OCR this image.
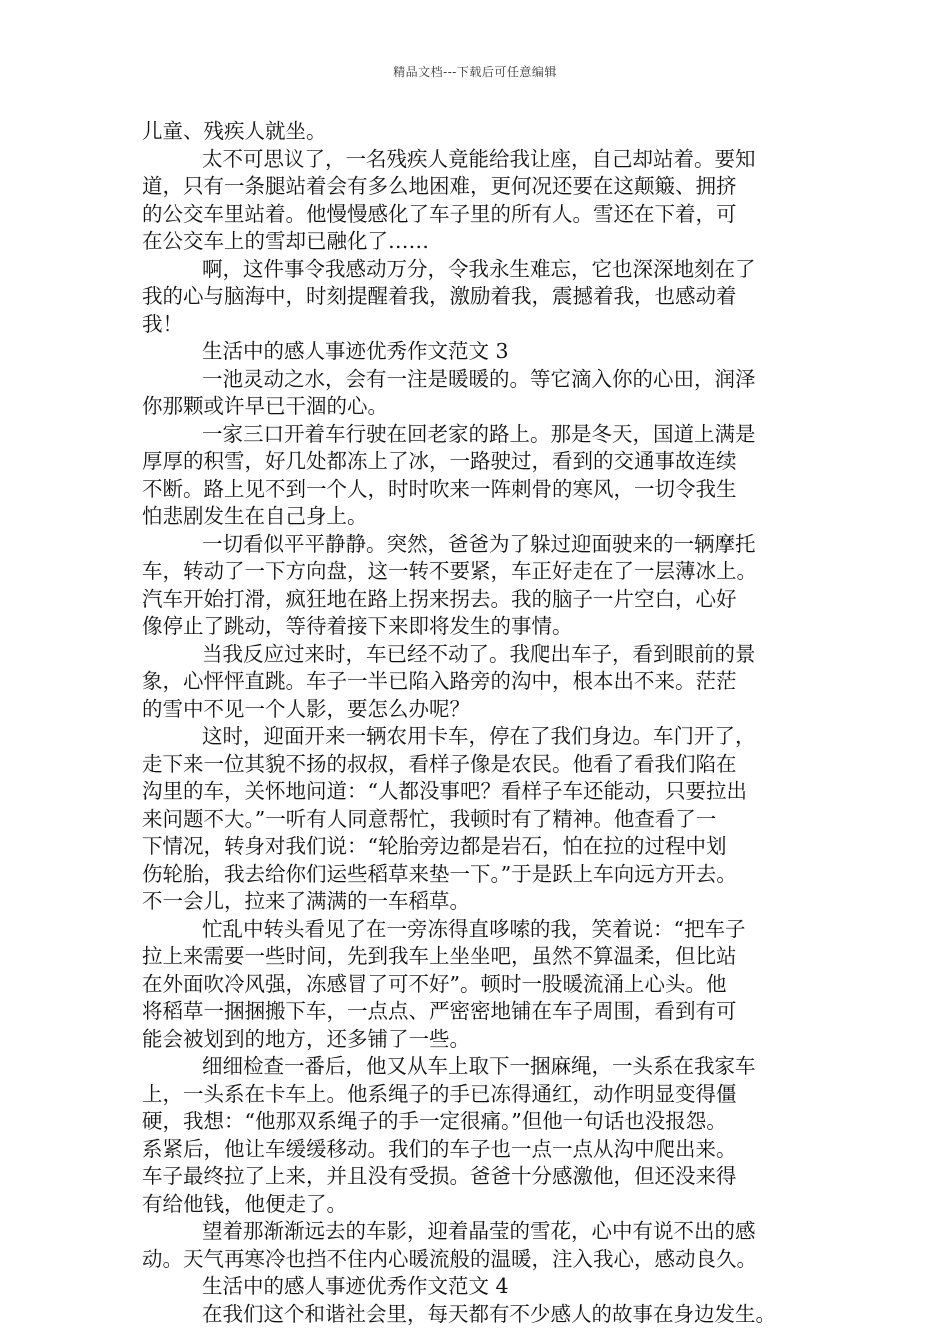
精品文档---下载后可任意编辑
儿童、残疾人就坐。
太不可思议了，一名残疾人竟能给我让座，自己却站着。要知
道，只有一条腿站着会有多么地困难，更何况还要在这颠簸、拥挤
的公交车里站着。他慢慢感化了车子里的所有人。雪还在下着，可
在公交车上的雪却已融化了……
啊，这件事令我感动万分，令我永生难忘，它也深深地刻在了
我的心与脑海中，时刻提醒着我，激励着我，震撼着我，也感动着
我！
生活中的感人事迹优秀作文范文 3
一池灵动之水，会有一注是暖暖的。等它滴入你的心田，润泽
你那颗或许早已干涸的心。
一家三口开着车行驶在回老家的路上。那是冬天，国道上满是
厚厚的积雪，好几处都冻上了冰，一路驶过，看到的交通事故连续
不断。路上见不到一个人，时时吹来一阵刺骨的寒风，一切令我生
怕悲剧发生在自己身上。
一切看似平平静静。突然，爸爸为了躲过迎面驶来的一辆摩托
车，转动了一下方向盘，这一转不要紧，车正好走在了一层薄冰上。
汽车开始打滑，疯狂地在路上拐来拐去。我的脑子一片空白，心好
像停止了跳动，等待着接下来即将发生的事情。
当我反应过来时，车已经不动了。我爬出车子，看到眼前的景
象，心怦怦直跳。车子一半已陷入路旁的沟中，根本出不来。茫茫
的雪中不见一个人影，要怎么办呢？
这时，迎面开来一辆农用卡车，停在了我们身边。车门开了，
走下来一位其貌不扬的叔叔，看样子像是农民。他看了看我们陷在
沟里的车，关怀地问道：“人都没事吧？看样子车还能动，只要拉出
来问题不大。”一听有人同意帮忙，我顿时有了精神。他查看了一
下情况，转身对我们说：“轮胎旁边都是岩石，怕在拉的过程中划
伤轮胎，我去给你们运些稻草来垫一下。”于是跃上车向远方开去。
不一会儿，拉来了满满的一车稻草。
忙乱中转头看见了在一旁冻得直哆嗦的我，笑着说：“把车子
拉上来需要一些时间，先到我车上坐坐吧，虽然不算温柔，但比站
在外面吹冷风强，冻感冒了可不好”。顿时一股暖流涌上心头。他
将稻草一捆捆搬下车，一点点、严密密地铺在车子周围，看到有可
能会被划到的地方，还多铺了一些。
细细检查一番后，他又从车上取下一捆麻绳，一头系在我家车
上，一头系在卡车上。他系绳子的手已冻得通红，动作明显变得僵
硬，我想：“他那双系绳子的手一定很痛。”但他一句话也没报怨。
系紧后，他让车缓缓移动。我们的车子也一点一点从沟中爬出来。
车子最终拉了上来，并且没有受损。爸爸十分感激他，但还没来得
有给他钱，他便走了。
望着那渐渐远去的车影，迎着晶莹的雪花，心中有说不出的感
动。天气再寒冷也挡不住内心暖流般的温暖，注入我心，感动良久。
生活中的感人事迹优秀作文范文 4
在我们这个和谐社会里，每天都有不少感人的故事在身边发生。
